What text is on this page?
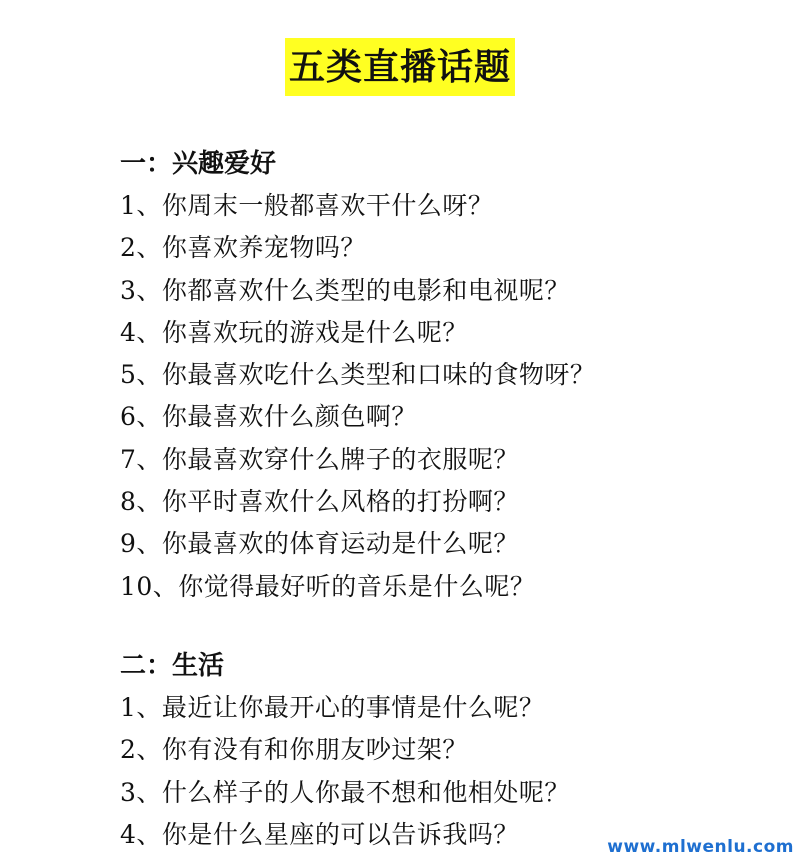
五类直播话题
一：兴趣爱好
1、你周末一般都喜欢干什么呀？
2、你喜欢养宠物吗？
3、你都喜欢什么类型的电影和电视呢？
4、你喜欢玩的游戏是什么呢？
5、你最喜欢吃什么类型和口味的食物呀？
6、你最喜欢什么颜色啊？
7、你最喜欢穿什么牌子的衣服呢？
8、你平时喜欢什么风格的打扮啊？
9、你最喜欢的体育运动是什么呢？
10、你觉得最好听的音乐是什么呢？
二：生活
1、最近让你最开心的事情是什么呢？
2、你有没有和你朋友吵过架？
3、什么样子的人你最不想和他相处呢？
4、你是什么星座的可以告诉我吗？	www.mlwenlu.com
